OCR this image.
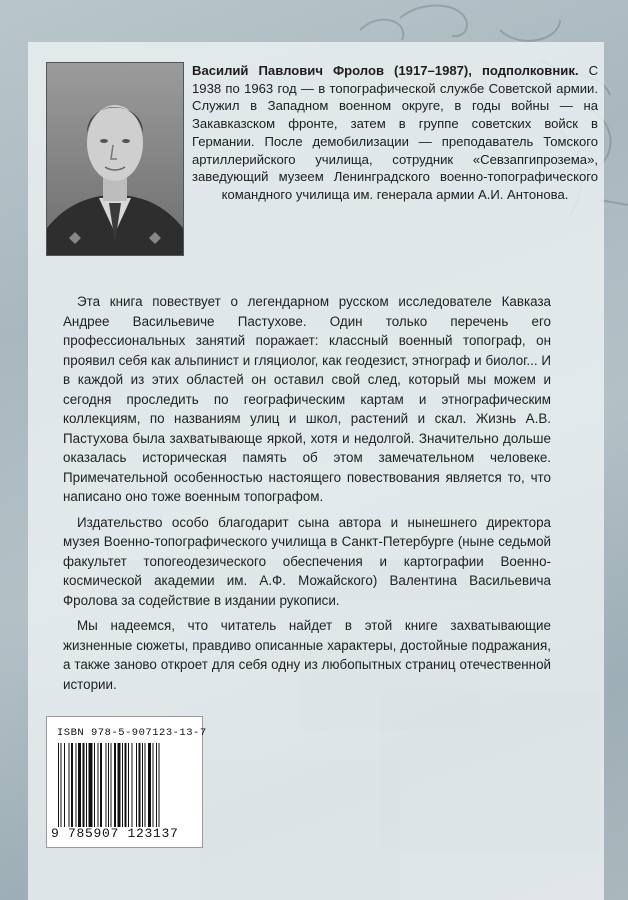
Василий Павлович Фролов (1917–1987), подполковник. С 1938 по 1963 год — в топографической службе Советской армии. Служил в Западном военном округе, в годы войны — на Закавказском фронте, затем в группе советских войск в Германии. После демобилизации — преподаватель Томского артиллерийского училища, сотрудник «Севзапгипрозема», заведующий музеем Ленинградского военно-топографического командного училища им. генерала армии А.И. Антонова.

Эта книга повествует о легендарном русском исследователе Кавказа Андрее Васильевиче Пастухове. Один только перечень его профессиональных занятий поражает: классный военный топограф, он проявил себя как альпинист и гляциолог, как геодезист, этнограф и биолог... И в каждой из этих областей он оставил свой след, который мы можем и сегодня проследить по географическим картам и этнографическим коллекциям, по названиям улиц и школ, растений и скал. Жизнь А.В. Пастухова была захватывающе яркой, хотя и недолгой. Значительно дольше оказалась историческая память об этом замечательном человеке. Примечательной особенностью настоящего повествования является то, что написано оно тоже военным топографом.

Издательство особо благодарит сына автора и нынешнего директора музея Военно-топографического училища в Санкт-Петербурге (ныне седьмой факультет топогеодезического обеспечения и картографии Военно-космической академии им. А.Ф. Можайского) Валентина Васильевича Фролова за содействие в издании рукописи.

Мы надеемся, что читатель найдет в этой книге захватывающие жизненные сюжеты, правдиво описанные характеры, достойные подражания, а также заново откроет для себя одну из любопытных страниц отечественной истории.

ISBN 978-5-907123-13-7
9 785907 123137
